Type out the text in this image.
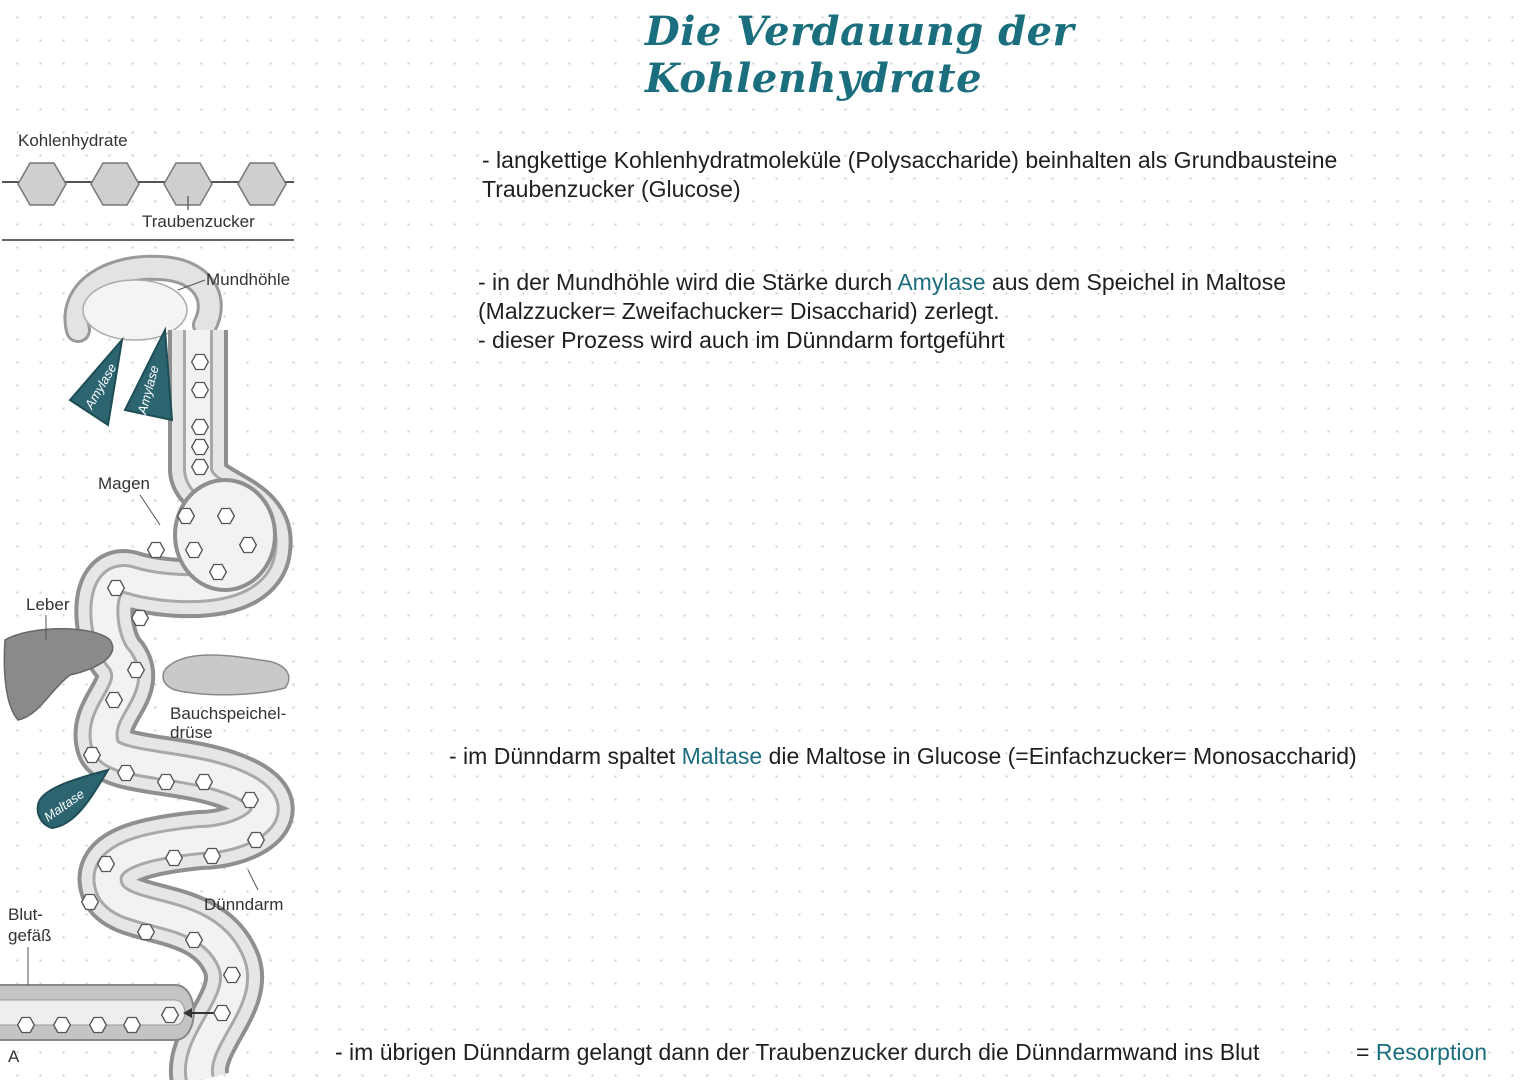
Die Verdauung der Kohlenhydrate
Kohlenhydrate
Traubenzucker
Amylase Amylase
Maltase
Mundhöhle
Magen
Leber
Bauchspeichel-
drüse
Dünndarm
Blut-
gefäß
A

- langkettige Kohlenhydratmoleküle (Polysaccharide) beinhalten als Grundbausteine
Traubenzucker (Glucose)

- in der Mundhöhle wird die Stärke durch Amylase aus dem Speichel in Maltose
(Malzzucker= Zweifachucker= Disaccharid) zerlegt.
- dieser Prozess wird auch im Dünndarm fortgeführt

- im Dünndarm spaltet Maltase die Maltose in Glucose (=Einfachzucker= Monosaccharid)

- im übrigen Dünndarm gelangt dann der Traubenzucker durch die Dünndarmwand ins Blut	= Resorption
